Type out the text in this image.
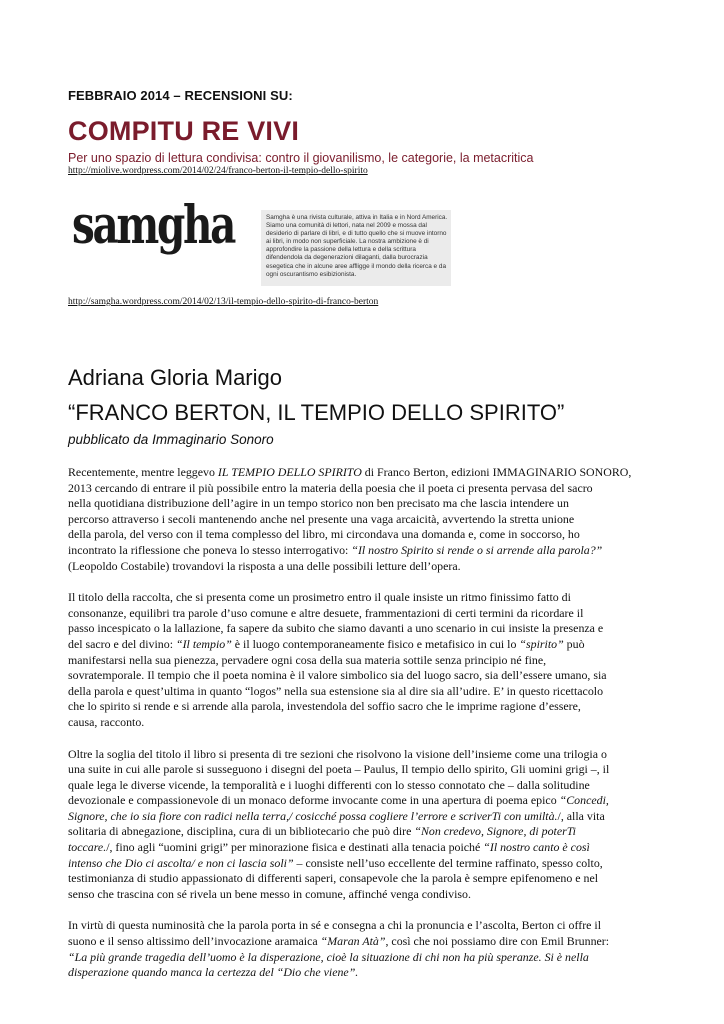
FEBBRAIO 2014 – RECENSIONI SU:
COMPITU RE VIVI
Per uno spazio di lettura condivisa: contro il giovanilismo, le categorie, la metacritica
http://miolive.wordpress.com/2014/02/24/franco-berton-il-tempio-dello-spirito
samgha	Samgha è una rivista culturale, attiva in Italia e in Nord America. Siamo una comunità di lettori, nata nel 2009 e mossa dal desiderio di parlare di libri, e di tutto quello che si muove intorno ai libri, in modo non superficiale. La nostra ambizione è di approfondire la passione della lettura e della scrittura difendendola da degenerazioni dilaganti, dalla burocrazia esegetica che in alcune aree affligge il mondo della ricerca e da ogni oscurantismo esibizionista.
http://samgha.wordpress.com/2014/02/13/il-tempio-dello-spirito-di-franco-berton
Adriana Gloria Marigo
“FRANCO BERTON, IL TEMPIO DELLO SPIRITO”
pubblicato da Immaginario Sonoro

Recentemente, mentre leggevo IL TEMPIO DELLO SPIRITO di Franco Berton, edizioni IMMAGINARIO SONORO,
2013 cercando di entrare il più possibile entro la materia della poesia che il poeta ci presenta pervasa del sacro
nella quotidiana distribuzione dell’agire in un tempo storico non ben precisato ma che lascia intendere un
percorso attraverso i secoli mantenendo anche nel presente una vaga arcaicità, avvertendo la stretta unione
della parola, del verso con il tema complesso del libro, mi circondava una domanda e, come in soccorso, ho
incontrato la riflessione che poneva lo stesso interrogativo: “Il nostro Spirito si rende o si arrende alla parola?”
(Leopoldo Costabile) trovandovi la risposta a una delle possibili letture dell’opera.

Il titolo della raccolta, che si presenta come un prosimetro entro il quale insiste un ritmo finissimo fatto di
consonanze, equilibri tra parole d’uso comune e altre desuete, frammentazioni di certi termini da ricordare il
passo incespicato o la lallazione, fa sapere da subito che siamo davanti a uno scenario in cui insiste la presenza e
del sacro e del divino: “Il tempio” è il luogo contemporaneamente fisico e metafisico in cui lo “spirito” può
manifestarsi nella sua pienezza, pervadere ogni cosa della sua materia sottile senza principio né fine,
sovratemporale. Il tempio che il poeta nomina è il valore simbolico sia del luogo sacro, sia dell’essere umano, sia
della parola e quest’ultima in quanto “logos” nella sua estensione sia al dire sia all’udire. E’ in questo ricettacolo
che lo spirito si rende e si arrende alla parola, investendola del soffio sacro che le imprime ragione d’essere,
causa, racconto.

Oltre la soglia del titolo il libro si presenta di tre sezioni che risolvono la visione dell’insieme come una trilogia o
una suite in cui alle parole si susseguono i disegni del poeta – Paulus, Il tempio dello spirito, Gli uomini grigi –, il
quale lega le diverse vicende, la temporalità e i luoghi differenti con lo stesso connotato che – dalla solitudine
devozionale e compassionevole di un monaco deforme invocante come in una apertura di poema epico “Concedi,
Signore, che io sia fiore con radici nella terra,/ cosicché possa cogliere l’errore e scriverTi con umiltà./, alla vita
solitaria di abnegazione, disciplina, cura di un bibliotecario che può dire “Non credevo, Signore, di poterTi
toccare./, fino agli “uomini grigi” per minorazione fisica e destinati alla tenacia poiché “Il nostro canto è così
intenso che Dio ci ascolta/ e non ci lascia soli” – consiste nell’uso eccellente del termine raffinato, spesso colto,
testimonianza di studio appassionato di differenti saperi, consapevole che la parola è sempre epifenomeno e nel
senso che trascina con sé rivela un bene messo in comune, affinché venga condiviso.

In virtù di questa numinosità che la parola porta in sé e consegna a chi la pronuncia e l’ascolta, Berton ci offre il
suono e il senso altissimo dell’invocazione aramaica “Maran Atà”, così che noi possiamo dire con Emil Brunner:
“La più grande tragedia dell’uomo è la disperazione, cioè la situazione di chi non ha più speranze. Si è nella
disperazione quando manca la certezza del “Dio che viene”.
